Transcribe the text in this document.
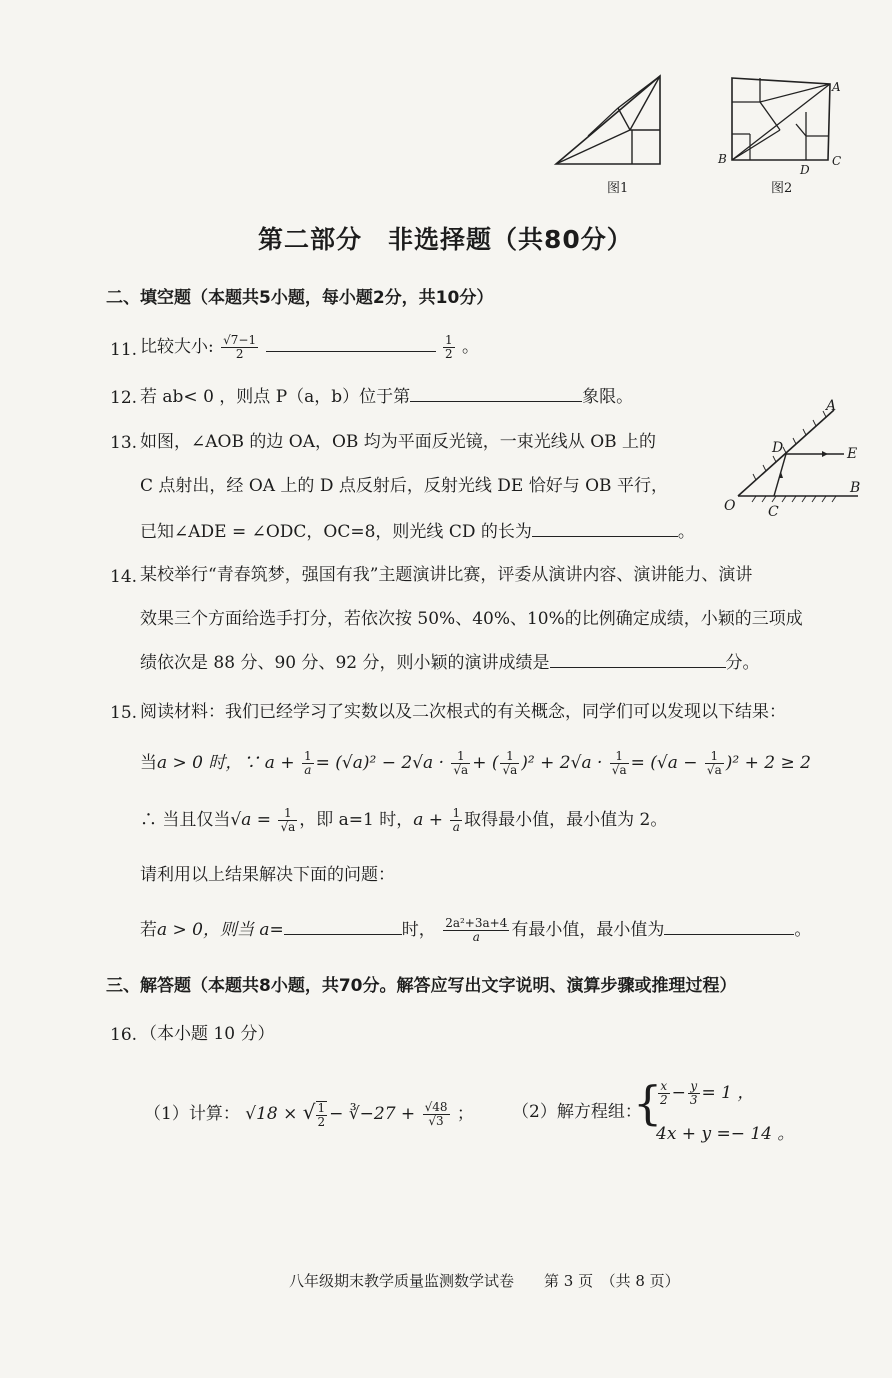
图1
A
B	C
D
图2
第二部分　非选择题（共80分）
二、填空题（本题共5小题，每小题2分，共10分）
11. 比较大小: $\frac{√7-1}{2}$
	$\frac{1}{2}$ 。
12. 若 ab< 0 ，则点 P（a，b）位于第	象限。
13. 如图，∠AOB 的边 OA，OB 均为平面反光镜，一束光线从 OB 上的
C 点射出，经 OA 上的 D 点反射后，反射光线 DE 恰好与 OB 平行，
已知∠ADE = ∠ODC，OC=8，则光线 CD 的长为	。
A
D	E
O C
B
14. 某校举行“青春筑梦，强国有我”主题演讲比赛，评委从演讲内容、演讲能力、演讲
效果三个方面给选手打分，若依次按 50%、40%、10%的比例确定成绩，小颖的三项成
绩依次是 88 分、90 分、92 分，则小颖的演讲成绩是	分。
15. 阅读材料：我们已经学习了实数以及二次根式的有关概念，同学们可以发现以下结果：
当a > 0 时，∵ $a + \frac{1}{a} = (√a)^2 - 2√a \cdot \frac{1}{√a}$ + ( $\frac{1}{√a} )^2 + 2√a \cdot \frac{1}{√a} = (√a - \frac{1}{√a} )^2 + 2 \ge 2$
∴ 当且仅当$√a = \frac{1}{√a}$ ，即 a=1 时，$a + \frac{1}{a}$ 取得最小值，最小值为 2。
请利用以上结果解决下面的问题：
若a > 0，则当 a=	时， $\frac{\text{2a²+3a+4}}{a}$ 有最小值，最小值为	。
三、解答题（本题共8小题，共70分。解答应写出文字说明、演算步骤或推理过程）
16. （本小题 10 分）
（1）计算： √18 × √ $\frac{1}{2}$ − ∛−27 + $\frac{√48}{√3}$ ； （2）解方程组：
{
$\frac{x}{2} - \frac{y}{3} = 1$ ，
4x + y =− 14 。
八年级期末教学质量监测数学试卷　　第 3 页　（共 8 页）
